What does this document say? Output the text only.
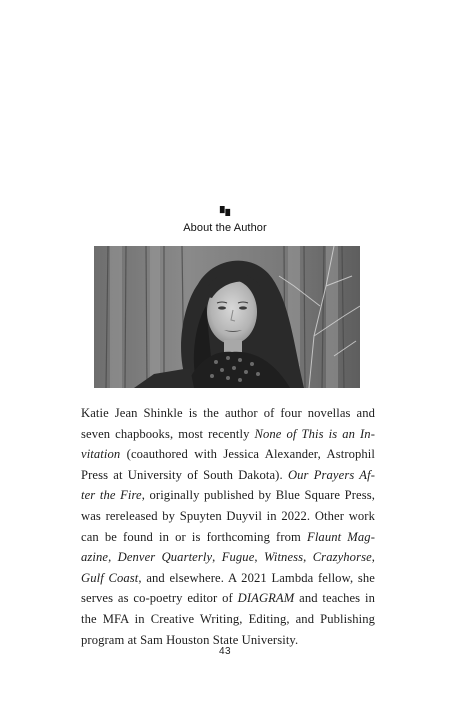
About the Author

Katie Jean Shinkle is the author of four novellas and
seven chapbooks, most recently None of This is an In-
vitation (coauthored with Jessica Alexander, Astrophil
Press at University of South Dakota). Our Prayers Af-
ter the Fire, originally published by Blue Square Press,
was rereleased by Spuyten Duyvil in 2022. Other work
can be found in or is forthcoming from Flaunt Mag-
azine, Denver Quarterly, Fugue, Witness, Crazyhorse,
Gulf Coast, and elsewhere. A 2021 Lambda fellow, she
serves as co-poetry editor of DIAGRAM and teaches in
the MFA in Creative Writing, Editing, and Publishing
program at Sam Houston State University.

43
